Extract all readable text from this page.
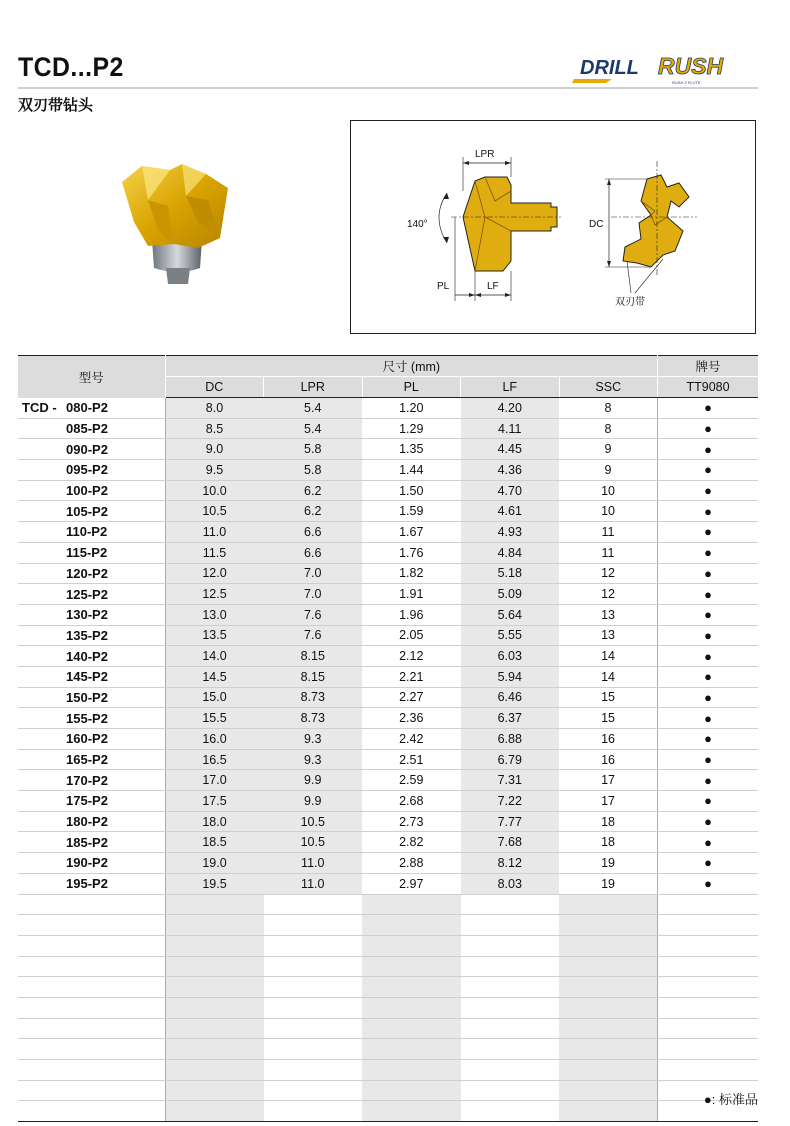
TCD...P2
双刃带钻头
DRILL RUSH
RUSH 2 FLUTE
LPR
140°
PL	LF
DC
双刃带
型号	尺寸 (mm)					牌号
	DC	LPR	PL	LF	SSC	TT9080
TCD - 080-P2	8.0	5.4	1.20	4.20	8	●
085-P2	8.5	5.4	1.29	4.11	8	●
090-P2	9.0	5.8	1.35	4.45	9	●
095-P2	9.5	5.8	1.44	4.36	9	●
100-P2	10.0	6.2	1.50	4.70	10	●
105-P2	10.5	6.2	1.59	4.61	10	●
110-P2	11.0	6.6	1.67	4.93	11	●
115-P2	11.5	6.6	1.76	4.84	11	●
120-P2	12.0	7.0	1.82	5.18	12	●
125-P2	12.5	7.0	1.91	5.09	12	●
130-P2	13.0	7.6	1.96	5.64	13	●
135-P2	13.5	7.6	2.05	5.55	13	●
140-P2	14.0	8.15	2.12	6.03	14	●
145-P2	14.5	8.15	2.21	5.94	14	●
150-P2	15.0	8.73	2.27	6.46	15	●
155-P2	15.5	8.73	2.36	6.37	15	●
160-P2	16.0	9.3	2.42	6.88	16	●
165-P2	16.5	9.3	2.51	6.79	16	●
170-P2	17.0	9.9	2.59	7.31	17	●
175-P2	17.5	9.9	2.68	7.22	17	●
180-P2	18.0	10.5	2.73	7.77	18	●
185-P2	18.5	10.5	2.82	7.68	18	●
190-P2	19.0	11.0	2.88	8.12	19	●
195-P2	19.5	11.0	2.97	8.03	19	●

●: 标准品
